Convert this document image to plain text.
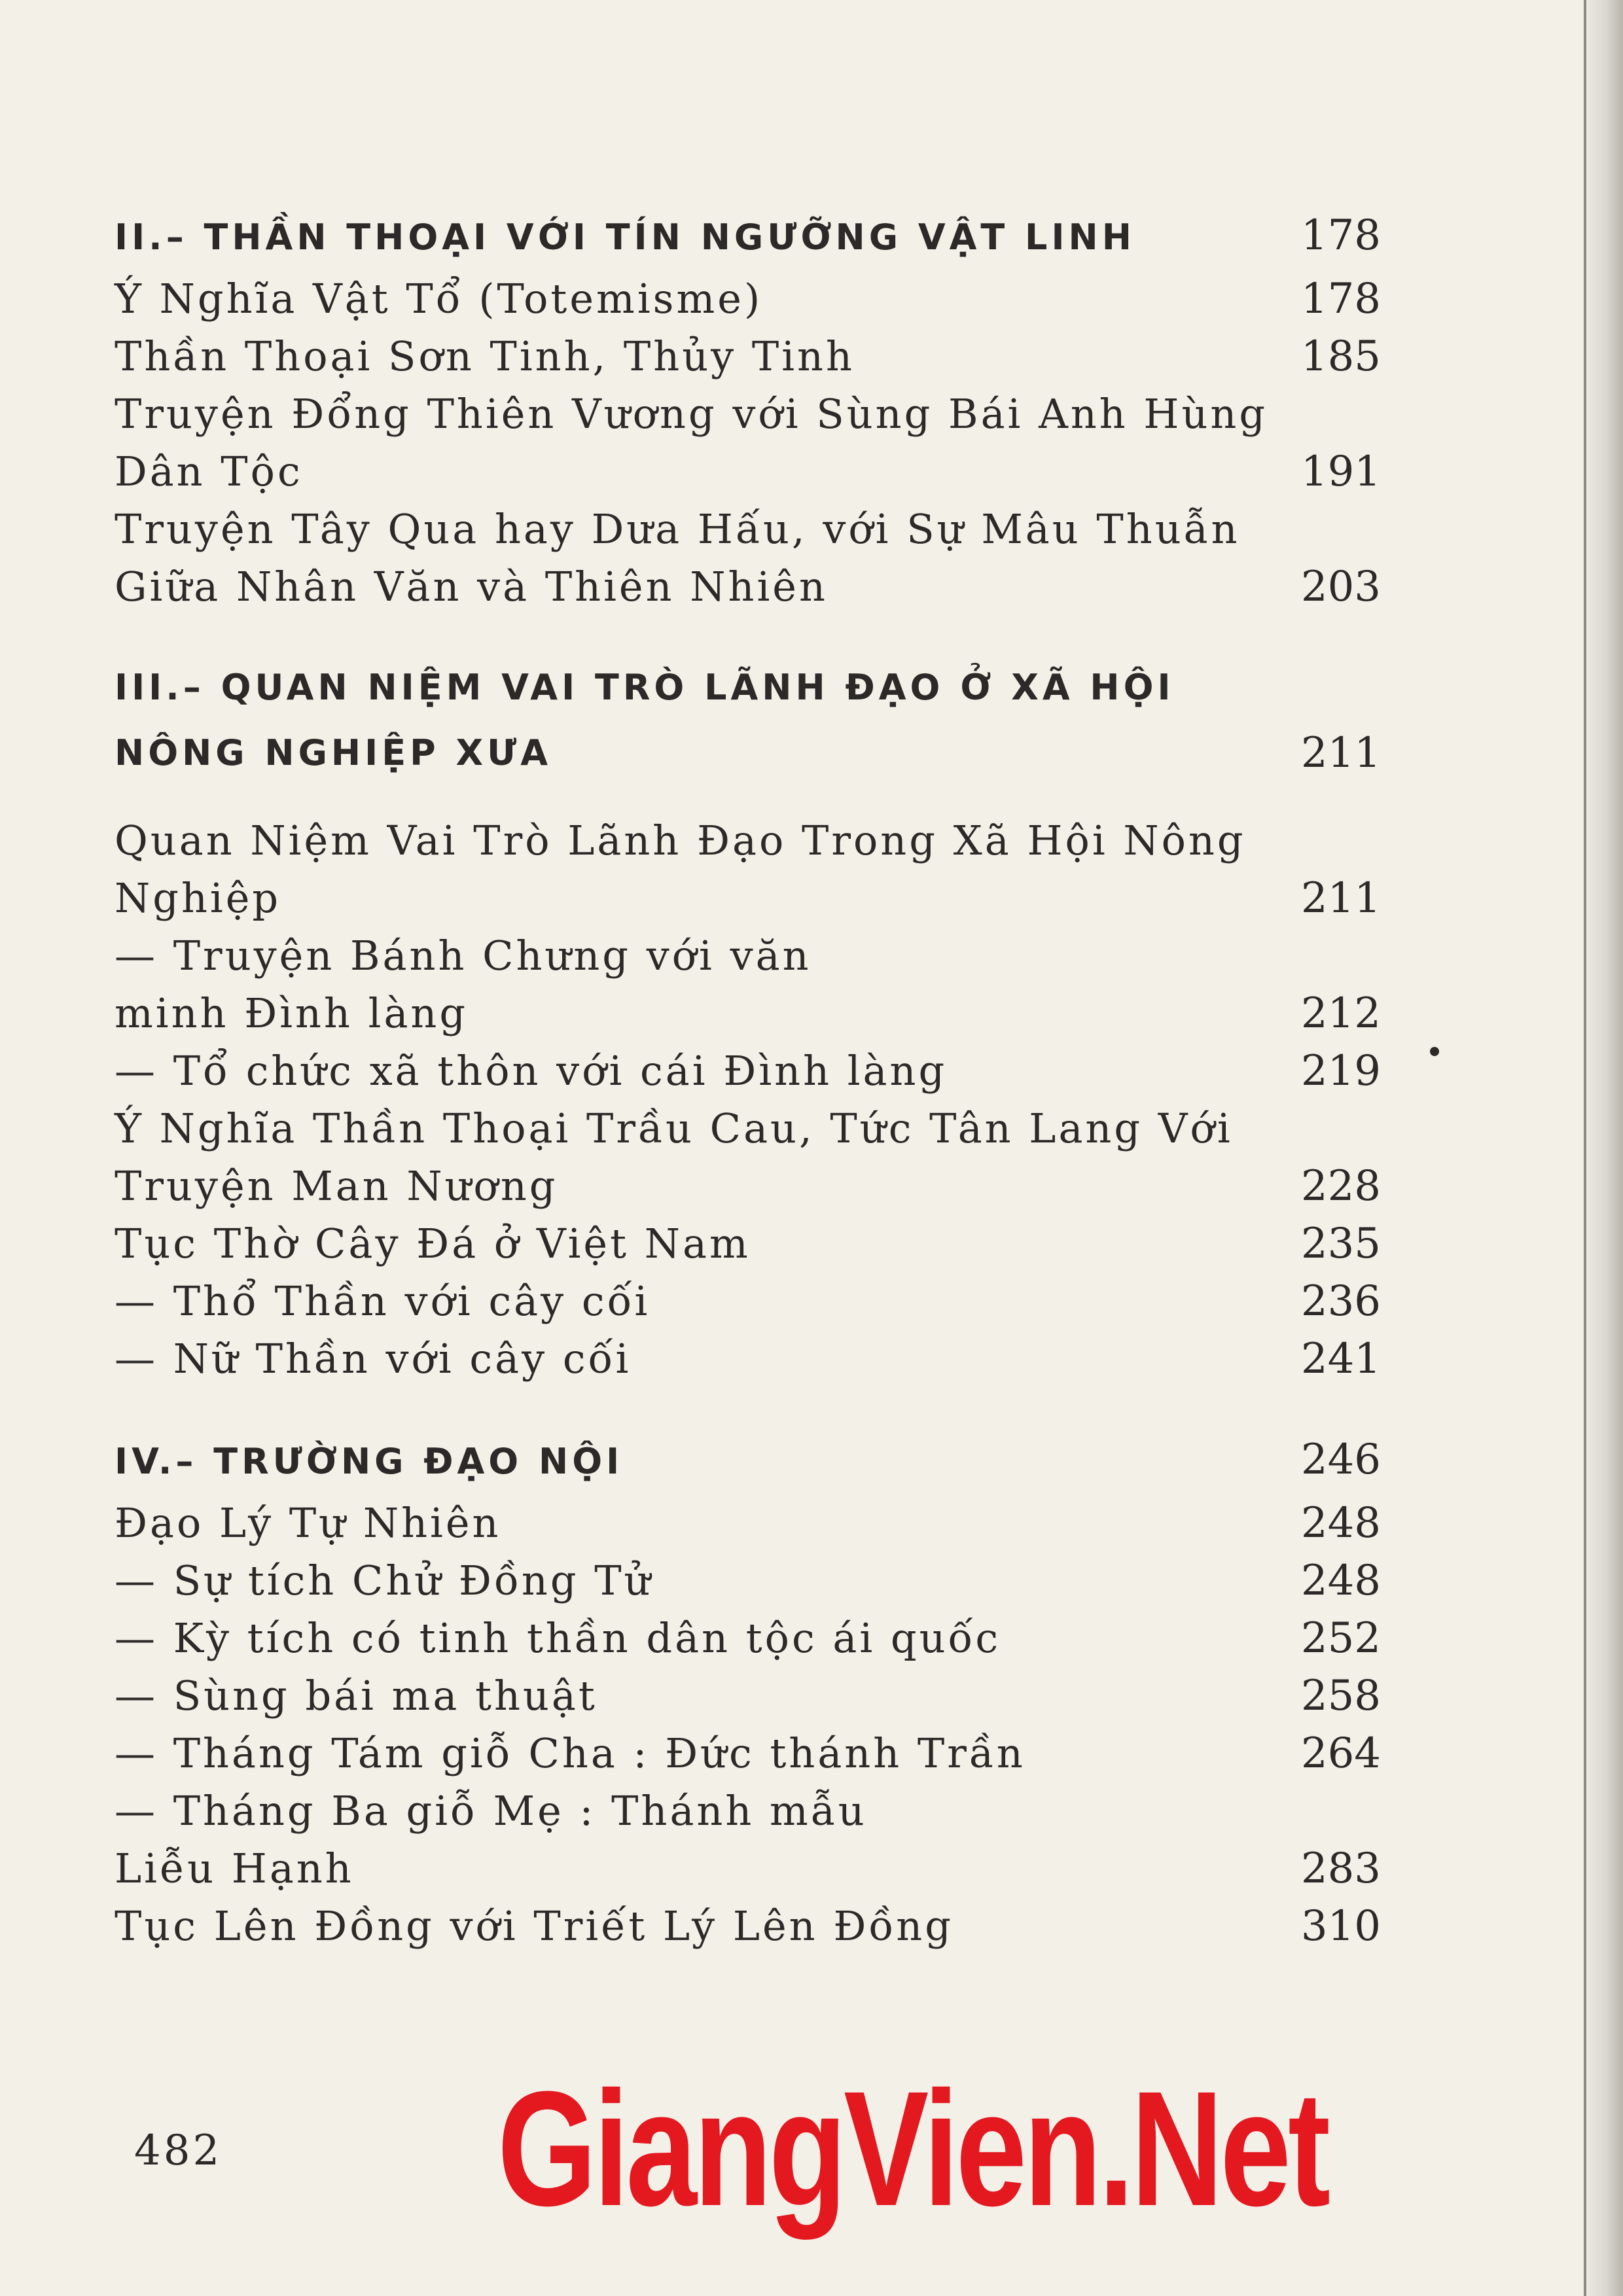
II.– THẦN THOẠI VỚI TÍN NGƯỠNG VẬT LINH	178
Ý Nghĩa Vật Tổ (Totemisme)	178
Thần Thoại Sơn Tinh, Thủy Tinh	185
Truyện Đổng Thiên Vương với Sùng Bái Anh Hùng Dân Tộc	191
Truyện Tây Qua hay Dưa Hấu, với Sự Mâu Thuẫn Giữa Nhân Văn và Thiên Nhiên	203
III.– QUAN NIỆM VAI TRÒ LÃNH ĐẠO Ở XÃ HỘI NÔNG NGHIỆP XƯA	211
Quan Niệm Vai Trò Lãnh Đạo Trong Xã Hội Nông Nghiệp	211
— Truyện Bánh Chưng với văn minh Đình làng	212
— Tổ chức xã thôn với cái Đình làng	219
Ý Nghĩa Thần Thoại Trầu Cau, Tức Tân Lang Với Truyện Man Nương	228
Tục Thờ Cây Đá ở Việt Nam	235
— Thổ Thần với cây cối	236
— Nữ Thần với cây cối	241
IV.– TRƯỜNG ĐẠO NỘI	246
Đạo Lý Tự Nhiên	248
— Sự tích Chử Đồng Tử	248
— Kỳ tích có tinh thần dân tộc ái quốc	252
— Sùng bái ma thuật	258
— Tháng Tám giỗ Cha : Đức thánh Trần	264
— Tháng Ba giỗ Mẹ : Thánh mẫu Liễu Hạnh	283
Tục Lên Đồng với Triết Lý Lên Đồng	310
482 GiangVien.Net
